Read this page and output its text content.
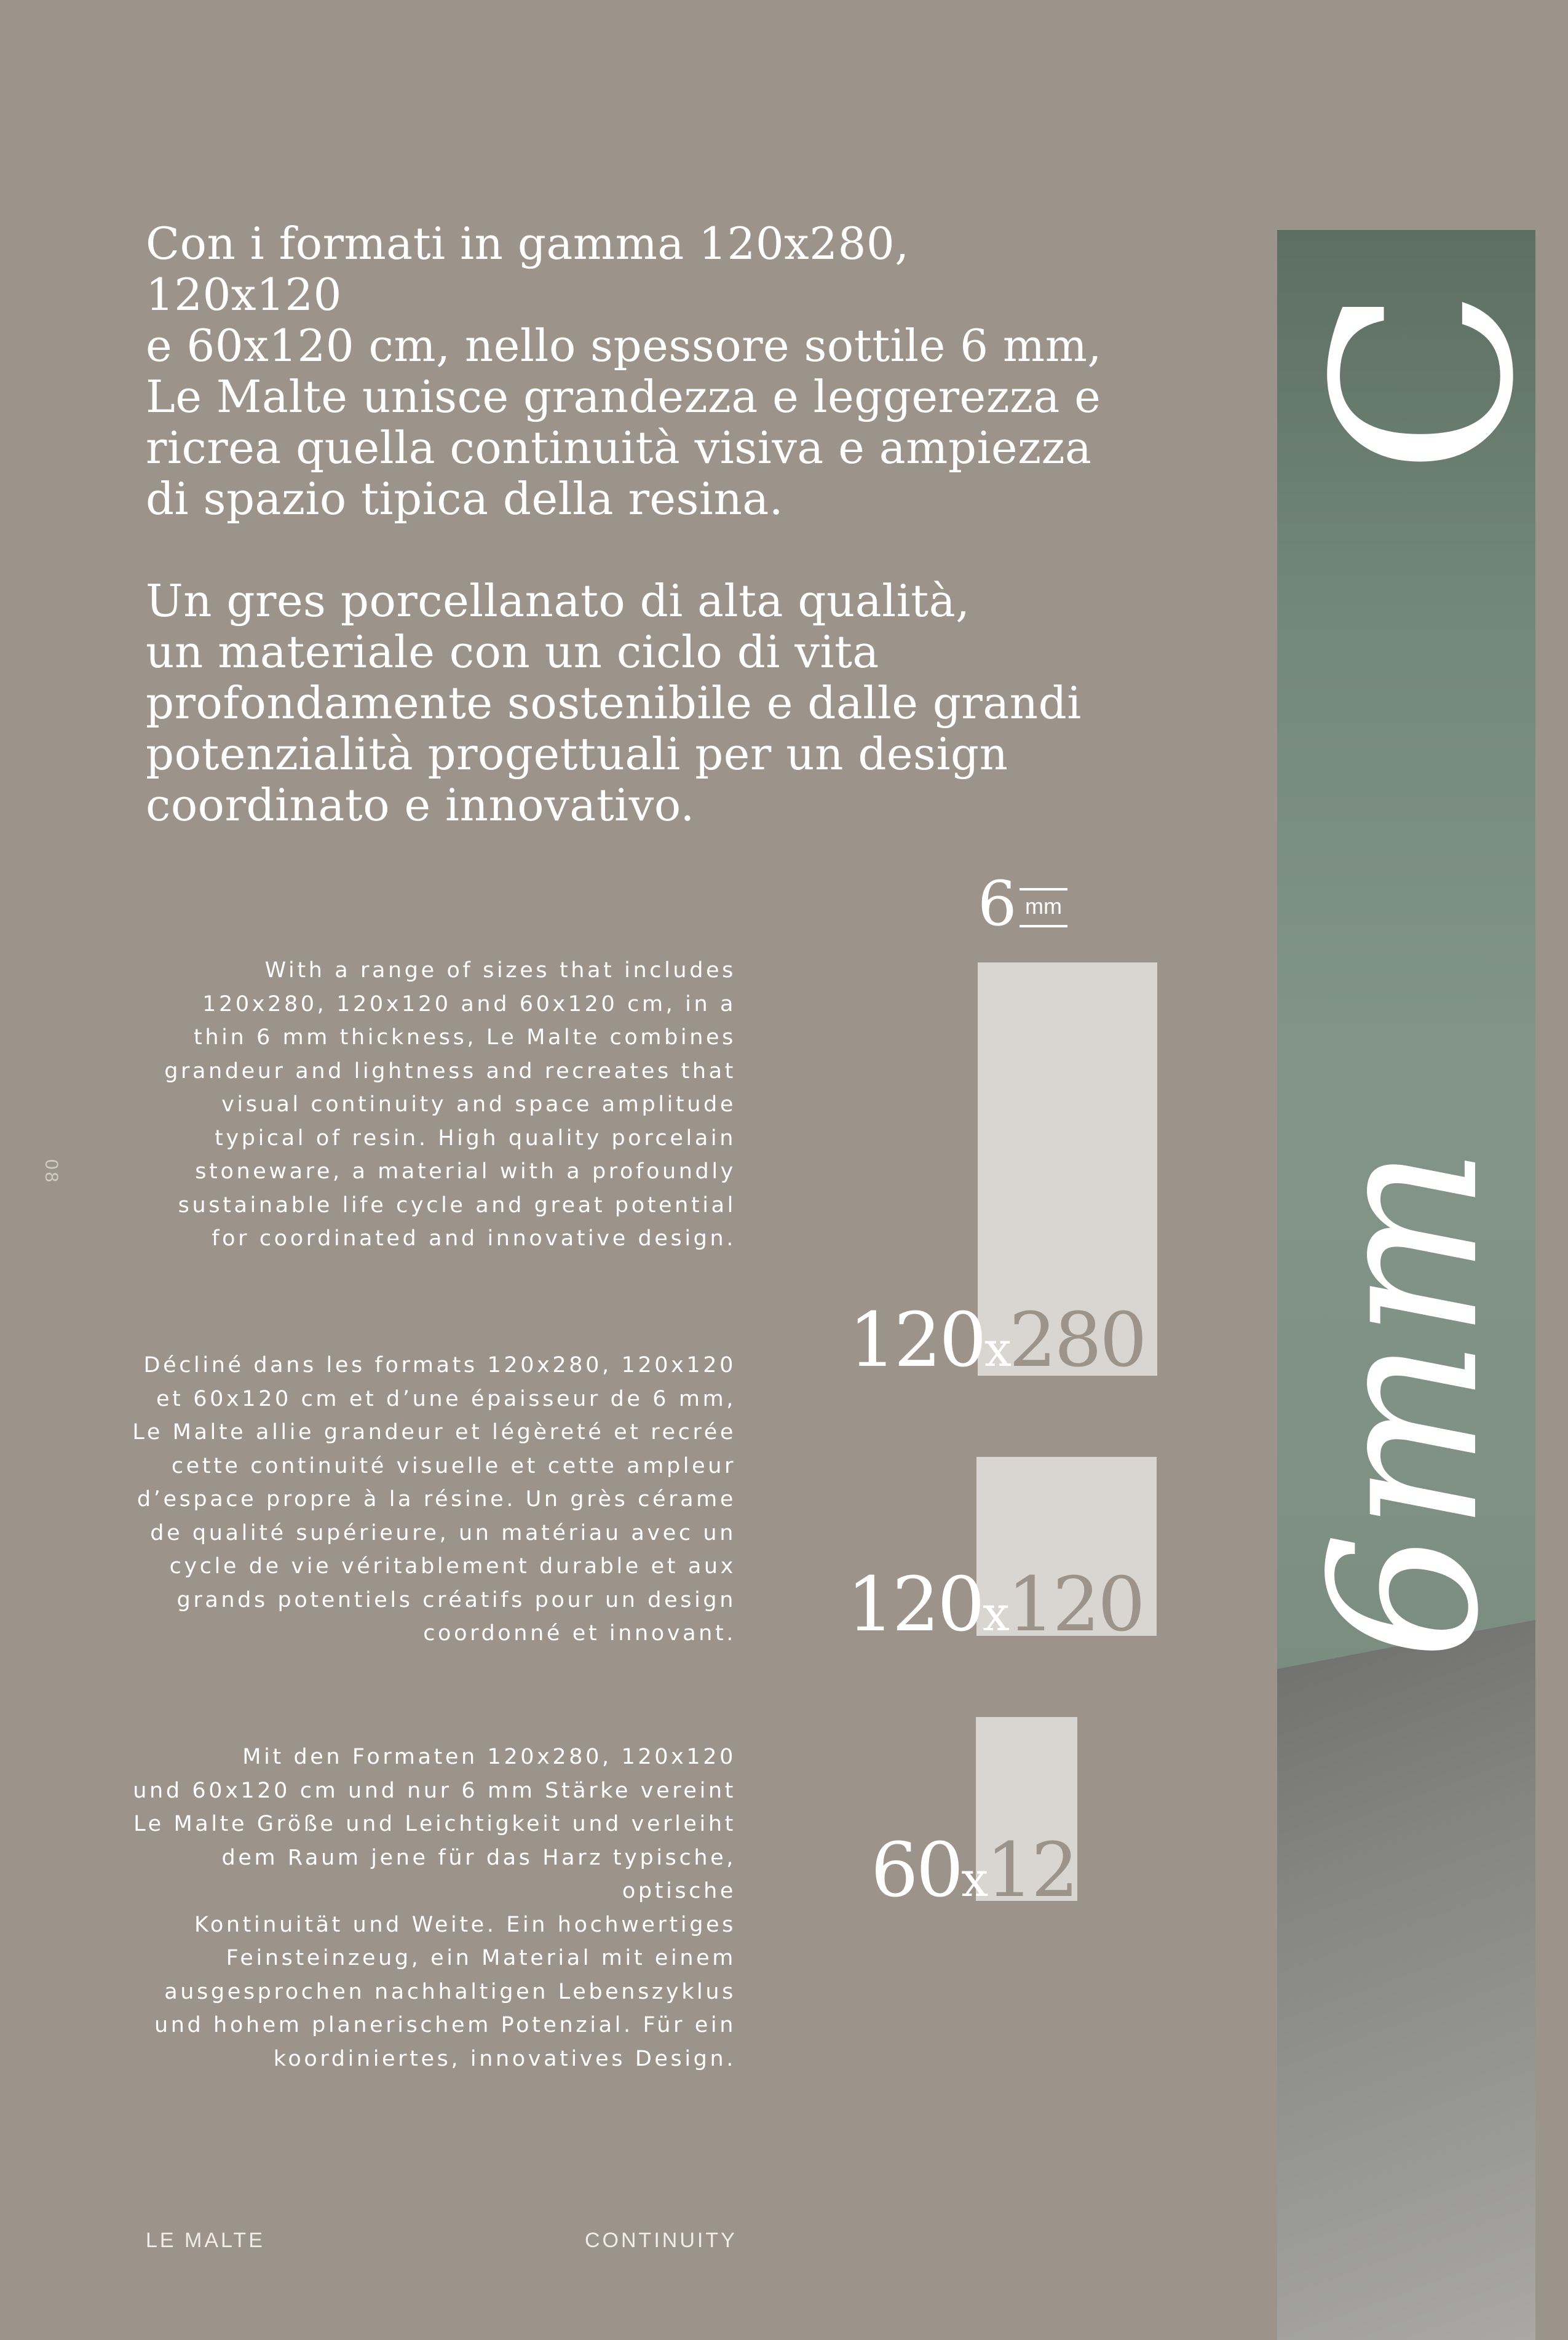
Con i formati in gamma 120x280, 120x120
e 60x120 cm, nello spessore sottile 6 mm,
Le Malte unisce grandezza e leggerezza e
ricrea quella continuità visiva e ampiezza
di spazio tipica della resina.

Un gres porcellanato di alta qualità,
un materiale con un ciclo di vita
profondamente sostenibile e dalle grandi
potenzialità progettuali per un design
coordinato e innovativo.

With a range of sizes that includes
120x280, 120x120 and 60x120 cm, in a
thin 6 mm thickness, Le Malte combines
grandeur and lightness and recreates that
visual continuity and space amplitude
typical of resin. High quality porcelain
stoneware, a material with a profoundly
sustainable life cycle and great potential
for coordinated and innovative design.

Décliné dans les formats 120x280, 120x120
et 60x120 cm et d’une épaisseur de 6 mm,
Le Malte allie grandeur et légèreté et recrée
cette continuité visuelle et cette ampleur
d’espace propre à la résine. Un grès cérame
de qualité supérieure, un matériau avec un
cycle de vie véritablement durable et aux
grands potentiels créatifs pour un design
coordonné et innovant.

Mit den Formaten 120x280, 120x120
und 60x120 cm und nur 6 mm Stärke vereint
Le Malte Größe und Leichtigkeit und verleiht
dem Raum jene für das Harz typische, optische
Kontinuität und Weite. Ein hochwertiges
Feinsteinzeug, ein Material mit einem
ausgesprochen nachhaltigen Lebenszyklus
und hohem planerischem Potenzial. Für ein
koordiniertes, innovatives Design.

08
6 mm
120x280
120x120
60x120
C
6mm
LE MALTE	CONTINUITY
